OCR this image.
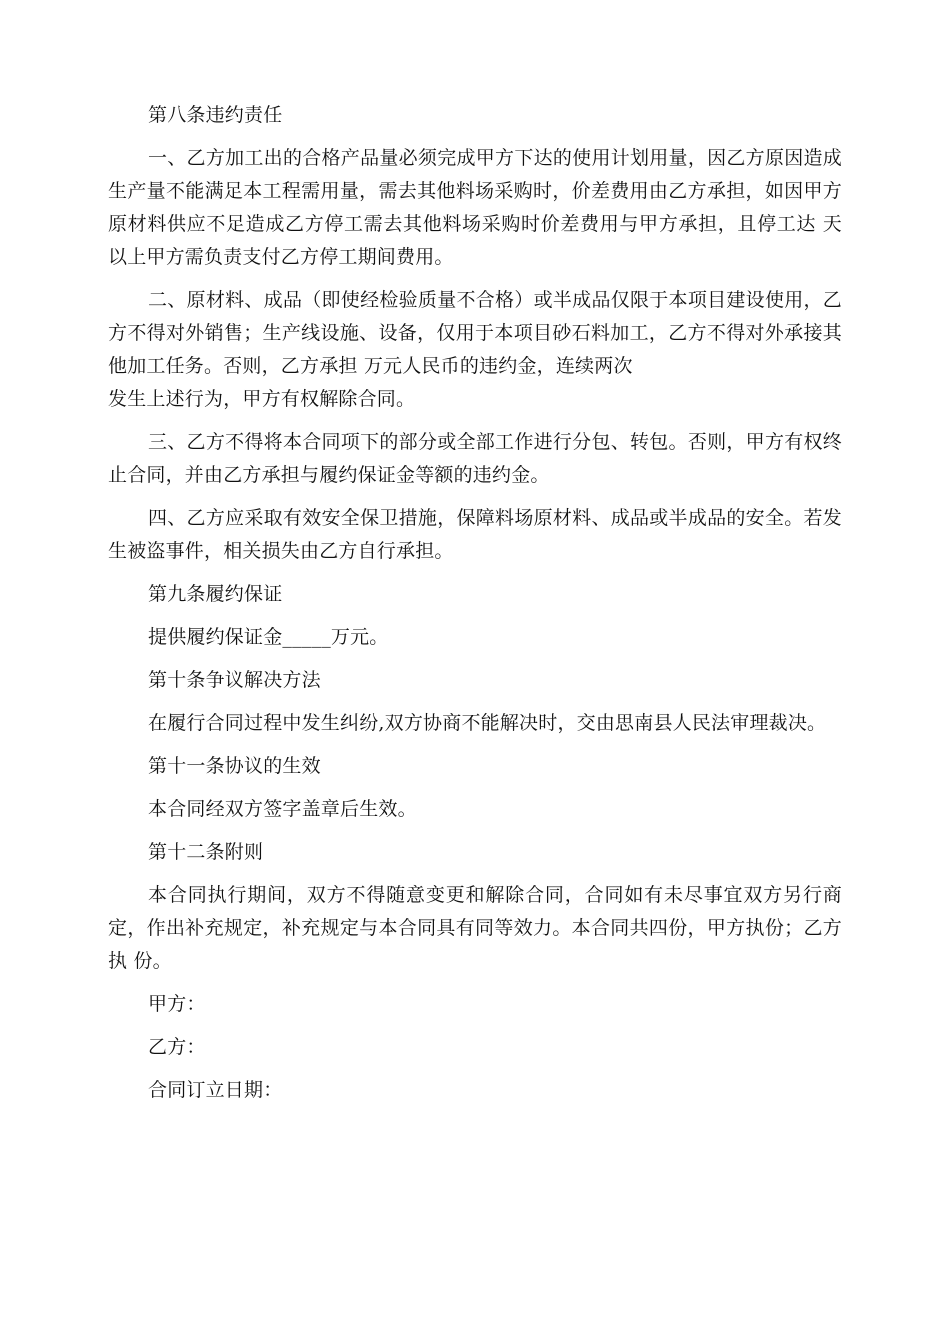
第八条违约责任

一、乙方加工出的合格产品量必须完成甲方下达的使用计划用量，因乙方原因造成生产量不能满足本工程需用量，需去其他料场采购时，价差费用由乙方承担，如因甲方原材料供应不足造成乙方停工需去其他料场采购时价差费用与甲方承担，且停工达 天以上甲方需负责支付乙方停工期间费用。

二、原材料、成品（即使经检验质量不合格）或半成品仅限于本项目建设使用，乙方不得对外销售；生产线设施、设备，仅用于本项目砂石料加工，乙方不得对外承接其他加工任务。否则，乙方承担 万元人民币的违约金，连续两次

发生上述行为，甲方有权解除合同。

三、乙方不得将本合同项下的部分或全部工作进行分包、转包。否则，甲方有权终止合同，并由乙方承担与履约保证金等额的违约金。

四、乙方应采取有效安全保卫措施，保障料场原材料、成品或半成品的安全。若发生被盗事件，相关损失由乙方自行承担。

第九条履约保证

提供履约保证金_____万元。

第十条争议解决方法

在履行合同过程中发生纠纷,双方协商不能解决时，交由思南县人民法审理裁决。

第十一条协议的生效

本合同经双方签字盖章后生效。

第十二条附则

本合同执行期间，双方不得随意变更和解除合同，合同如有未尽事宜双方另行商定，作出补充规定，补充规定与本合同具有同等效力。本合同共四份，甲方执份；乙方执 份。

甲方：

乙方：

合同订立日期：
